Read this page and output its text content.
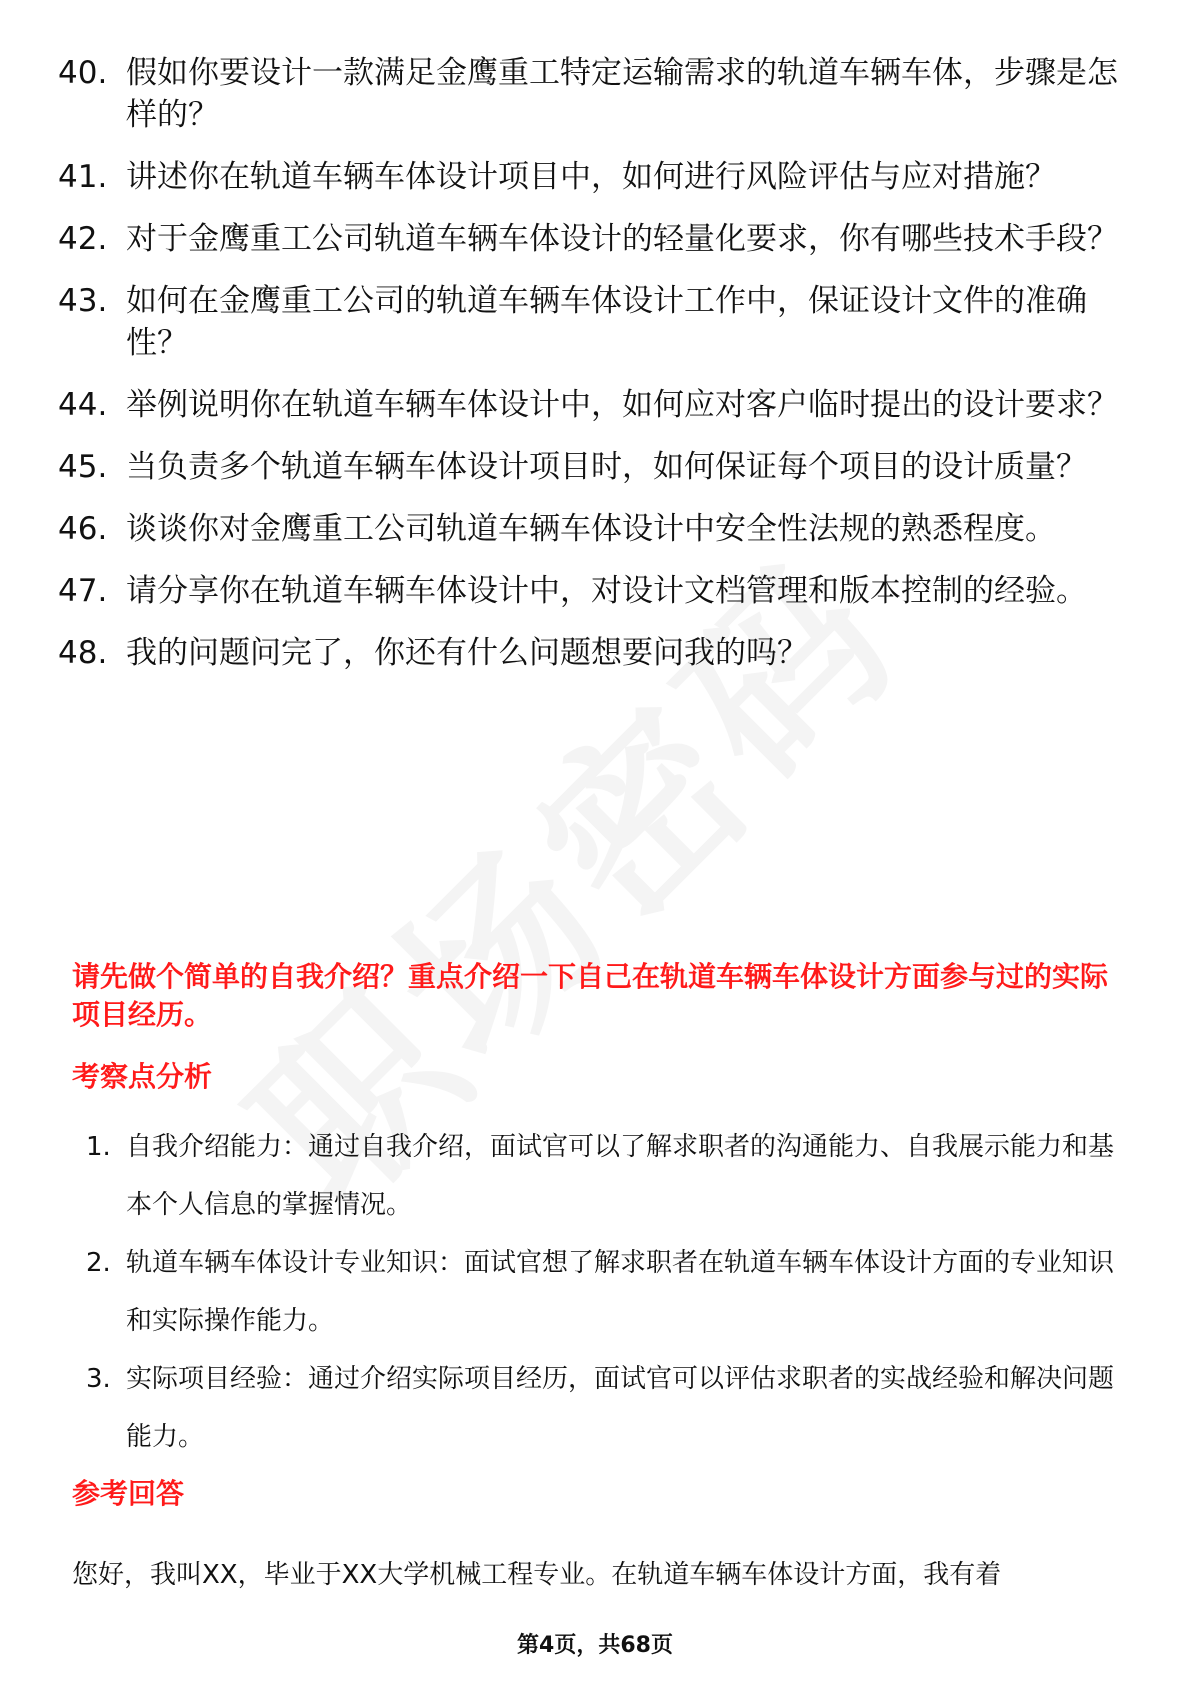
40. 假如你要设计一款满足金鹰重工特定运输需求的轨道车辆车体，步骤是怎样的？
41. 讲述你在轨道车辆车体设计项目中，如何进行风险评估与应对措施？
42. 对于金鹰重工公司轨道车辆车体设计的轻量化要求，你有哪些技术手段？
43. 如何在金鹰重工公司的轨道车辆车体设计工作中，保证设计文件的准确性？
44. 举例说明你在轨道车辆车体设计中，如何应对客户临时提出的设计要求？
45. 当负责多个轨道车辆车体设计项目时，如何保证每个项目的设计质量？
46. 谈谈你对金鹰重工公司轨道车辆车体设计中安全性法规的熟悉程度。
47. 请分享你在轨道车辆车体设计中，对设计文档管理和版本控制的经验。
48. 我的问题问完了，你还有什么问题想要问我的吗？
请先做个简单的自我介绍？重点介绍一下自己在轨道车辆车体设计方面参与过的实际项目经历。
考察点分析
1. 自我介绍能力：通过自我介绍，面试官可以了解求职者的沟通能力、自我展示能力和基本个人信息的掌握情况。
2. 轨道车辆车体设计专业知识：面试官想了解求职者在轨道车辆车体设计方面的专业知识和实际操作能力。
3. 实际项目经验：通过介绍实际项目经历，面试官可以评估求职者的实战经验和解决问题能力。
参考回答
您好，我叫XX，毕业于XX大学机械工程专业。在轨道车辆车体设计方面，我有着
第4页，共68页
